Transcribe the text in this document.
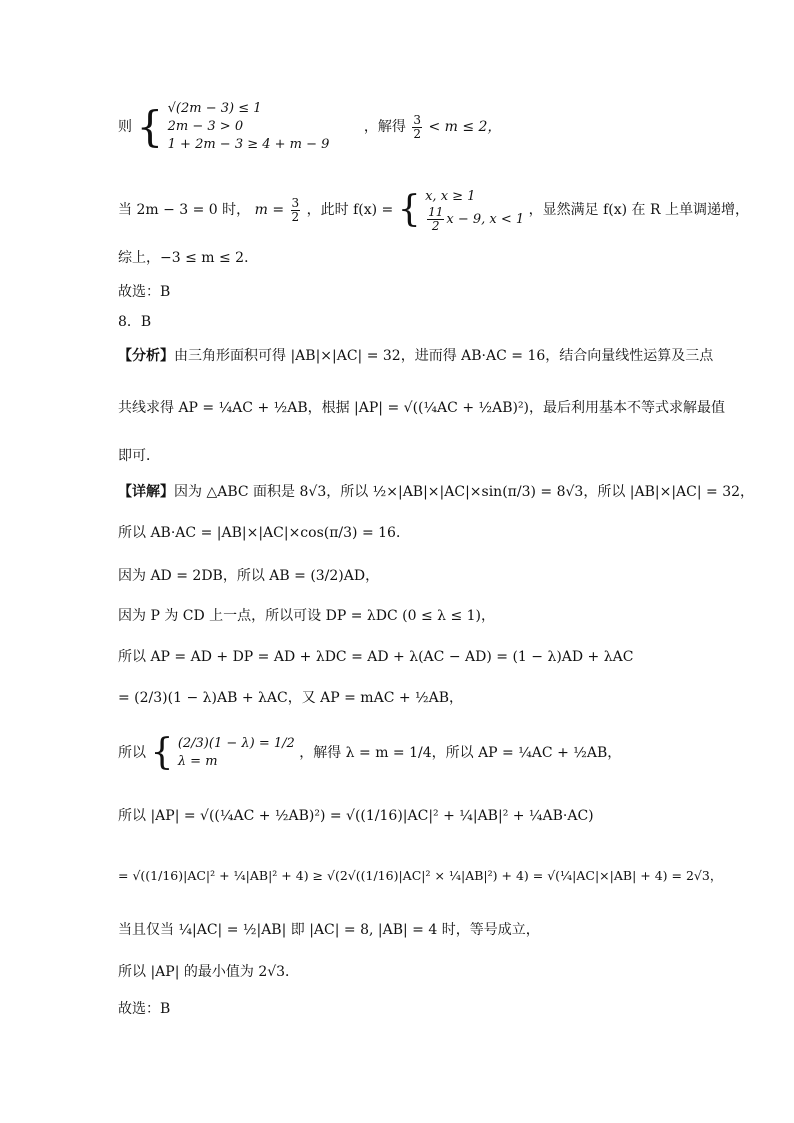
则 { √(2m − 3) ≤ 1
2m − 3 > 0
1 + 2m − 3 ≥ 4 + m − 9
，解得 $\frac{3}{2} < m \le 2$，
当 2m − 3 = 0 时， $m = \frac{3}{2}$ ，此时 f(x) = { x, x ≥ 1
$\frac{11}{2}$ x − 9, x < 1
，显然满足 f(x) 在 R 上单调递增，
综上，−3 ≤ m ≤ 2．
故选：B
8．B
【分析】由三角形面积可得 |AB|×|AC| = 32，进而得 AB·AC = 16，结合向量线性运算及三点
共线求得 AP = ¼AC + ½AB，根据 |AP| = √((¼AC + ½AB)²)，最后利用基本不等式求解最值
即可．
【详解】因为 △ABC 面积是 8√3，所以 ½×|AB|×|AC|×sin(π/3) = 8√3，所以 |AB|×|AC| = 32，
所以 AB·AC = |AB|×|AC|×cos(π/3) = 16．
因为 AD = 2DB，所以 AB = (3/2)AD，
因为 P 为 CD 上一点，所以可设 DP = λDC (0 ≤ λ ≤ 1)，
所以 AP = AD + DP = AD + λDC = AD + λ(AC − AD) = (1 − λ)AD + λAC
= (2/3)(1 − λ)AB + λAC，又 AP = mAC + ½AB，
所以 { (2/3)(1 − λ) = 1/2
λ = m
，解得 λ = m = 1/4，所以 AP = ¼AC + ½AB，
所以 |AP| = √((¼AC + ½AB)²) = √((1/16)|AC|² + ¼|AB|² + ¼AB·AC)
= √((1/16)|AC|² + ¼|AB|² + 4) ≥ √(2√((1/16)|AC|² × ¼|AB|²) + 4) = √(¼|AC|×|AB| + 4) = 2√3，
当且仅当 ¼|AC| = ½|AB| 即 |AC| = 8, |AB| = 4 时，等号成立，
所以 |AP| 的最小值为 2√3．
故选：B
